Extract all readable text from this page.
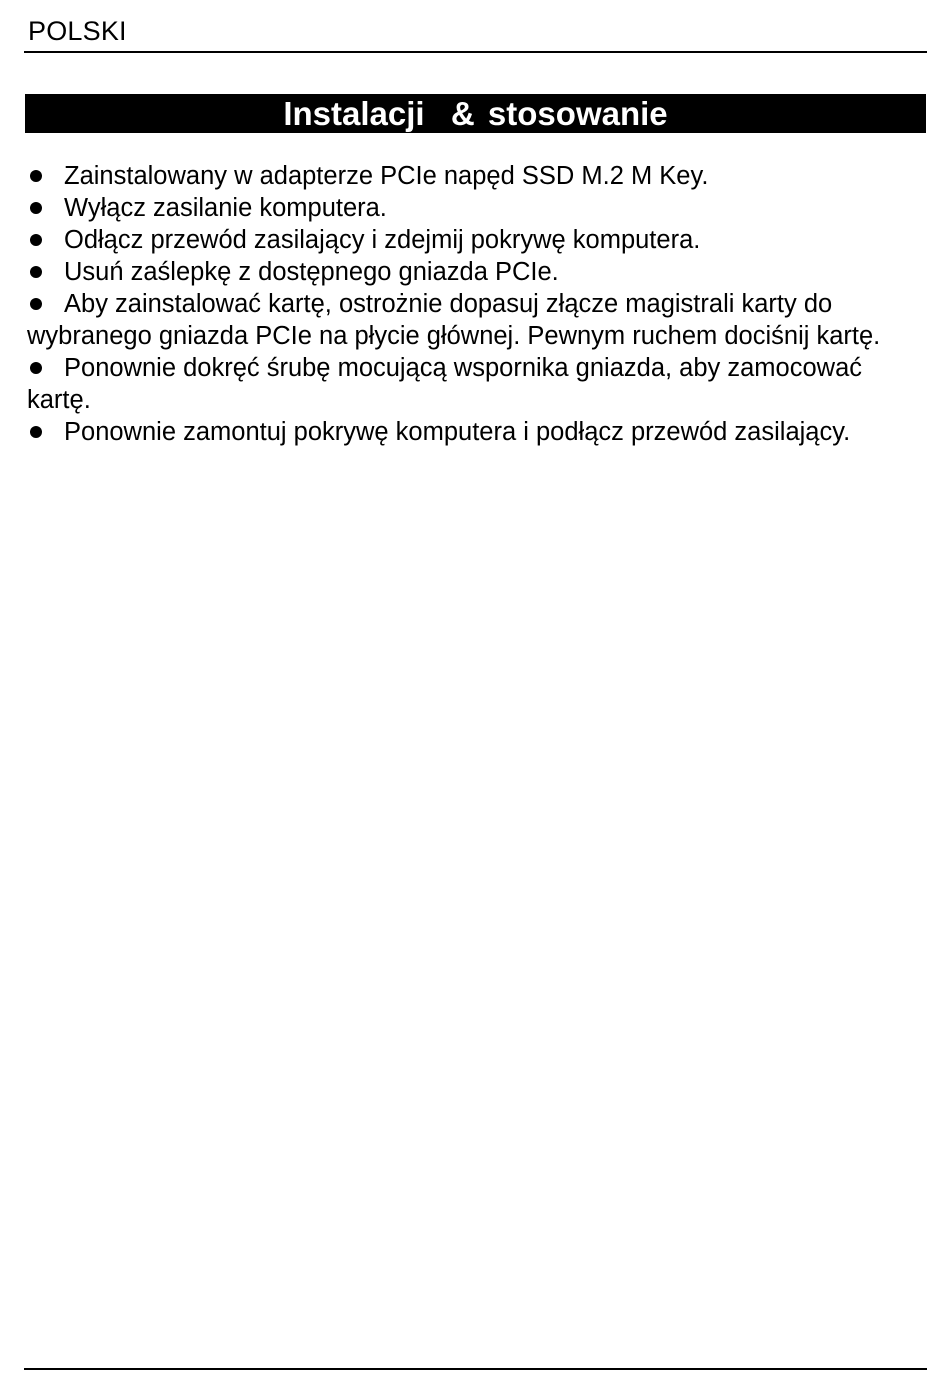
POLSKI
Instalacji  & stosowanie
Zainstalowany w adapterze PCIe napęd SSD M.2 M Key.
Wyłącz zasilanie komputera.
Odłącz przewód zasilający i zdejmij pokrywę komputera.
Usuń zaślepkę z dostępnego gniazda PCIe.
Aby zainstalować kartę, ostrożnie dopasuj złącze magistrali karty do wybranego gniazda PCIe na płycie głównej. Pewnym ruchem dociśnij kartę.
Ponownie dokręć śrubę mocującą wspornika gniazda, aby zamocować kartę.
Ponownie zamontuj pokrywę komputera i podłącz przewód zasilający.
